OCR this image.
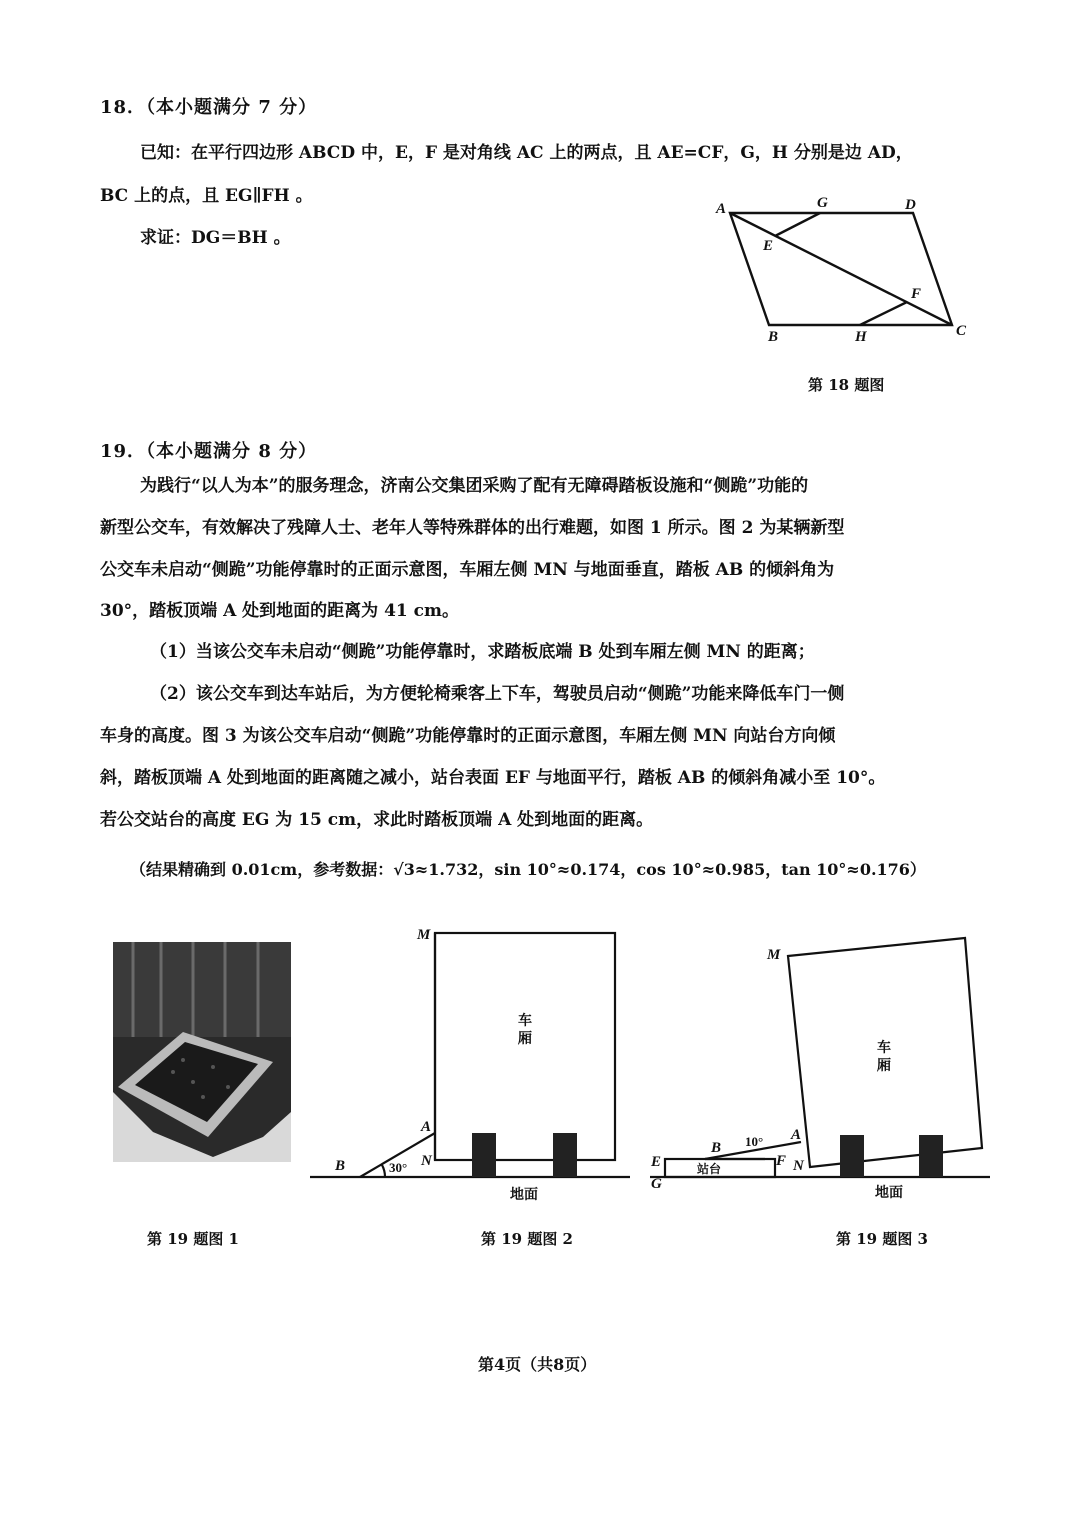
18．（本小题满分 7 分）
已知：在平行四边形 ABCD 中，E，F 是对角线 AC 上的两点，且 AE=CF，G，H 分别是边 AD，
BC 上的点，且 EG∥FH 。
求证：DG＝BH 。
A	G	D
E
F
B	H	C
第 18 题图
19．（本小题满分 8 分）
为践行“以人为本”的服务理念，济南公交集团采购了配有无障碍踏板设施和“侧跪”功能的
新型公交车，有效解决了残障人士、老年人等特殊群体的出行难题，如图 1 所示。图 2 为某辆新型
公交车未启动“侧跪”功能停靠时的正面示意图，车厢左侧 MN 与地面垂直，踏板 AB 的倾斜角为
30°，踏板顶端 A 处到地面的距离为 41 cm。
（1）当该公交车未启动“侧跪”功能停靠时，求踏板底端 B 处到车厢左侧 MN 的距离；
（2）该公交车到达车站后，为方便轮椅乘客上下车，驾驶员启动“侧跪”功能来降低车门一侧
车身的高度。图 3 为该公交车启动“侧跪”功能停靠时的正面示意图，车厢左侧 MN 向站台方向倾
斜，踏板顶端 A 处到地面的距离随之减小，站台表面 EF 与地面平行，踏板 AB 的倾斜角减小至 10°。
若公交站台的高度 EG 为 15 cm，求此时踏板顶端 A 处到地面的距离。
（结果精确到 0.01cm，参考数据：√3≈1.732，sin 10°≈0.174，cos 10°≈0.985，tan 10°≈0.176）
第 19 题图 1
M
A
N
B	30°
车
厢
地面
第 19 题图 2
M
A
N
B
F
E
G
10°
车
厢
站台
地面
第 19 题图 3
第4页（共8页）
